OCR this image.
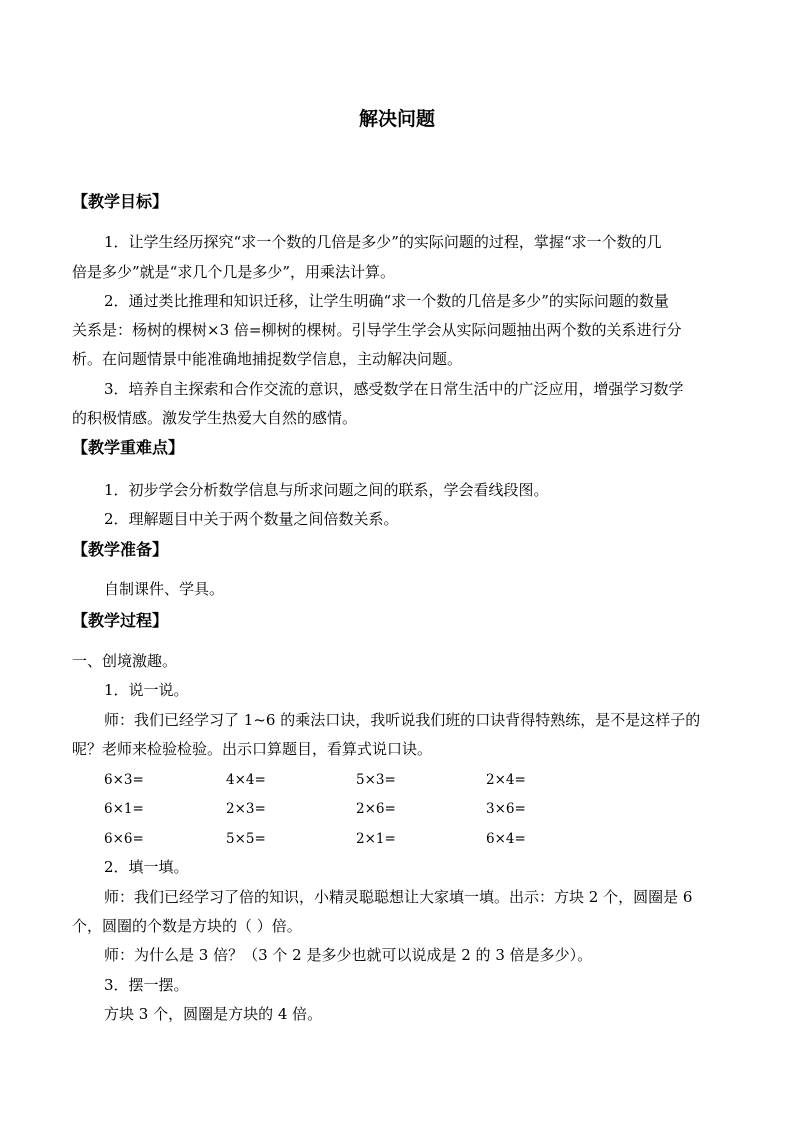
解决问题
【教学目标】
1．让学生经历探究“求一个数的几倍是多少”的实际问题的过程，掌握“求一个数的几
倍是多少”就是“求几个几是多少”，用乘法计算。
2．通过类比推理和知识迁移，让学生明确“求一个数的几倍是多少”的实际问题的数量
关系是：杨树的棵树×3 倍=柳树的棵树。引导学生学会从实际问题抽出两个数的关系进行分
析。在问题情景中能准确地捕捉数学信息，主动解决问题。
3．培养自主探索和合作交流的意识，感受数学在日常生活中的广泛应用，增强学习数学
的积极情感。激发学生热爱大自然的感情。
【教学重难点】
1．初步学会分析数学信息与所求问题之间的联系，学会看线段图。
2．理解题目中关于两个数量之间倍数关系。
【教学准备】
自制课件、学具。
【教学过程】
一、创境激趣。
1．说一说。
师：我们已经学习了 1~6 的乘法口诀，我听说我们班的口诀背得特熟练，是不是这样子的
呢？老师来检验检验。出示口算题目，看算式说口诀。
6×3=	4×4=	5×3=	2×4=
6×1=	2×3=	2×6=	3×6=
6×6=	5×5=	2×1=	6×4=
2．填一填。
师：我们已经学习了倍的知识，小精灵聪聪想让大家填一填。出示：方块 2 个，圆圈是 6
个，圆圈的个数是方块的（ ）倍。
师：为什么是 3 倍？（3 个 2 是多少也就可以说成是 2 的 3 倍是多少）。
3．摆一摆。
方块 3 个，圆圈是方块的 4 倍。
